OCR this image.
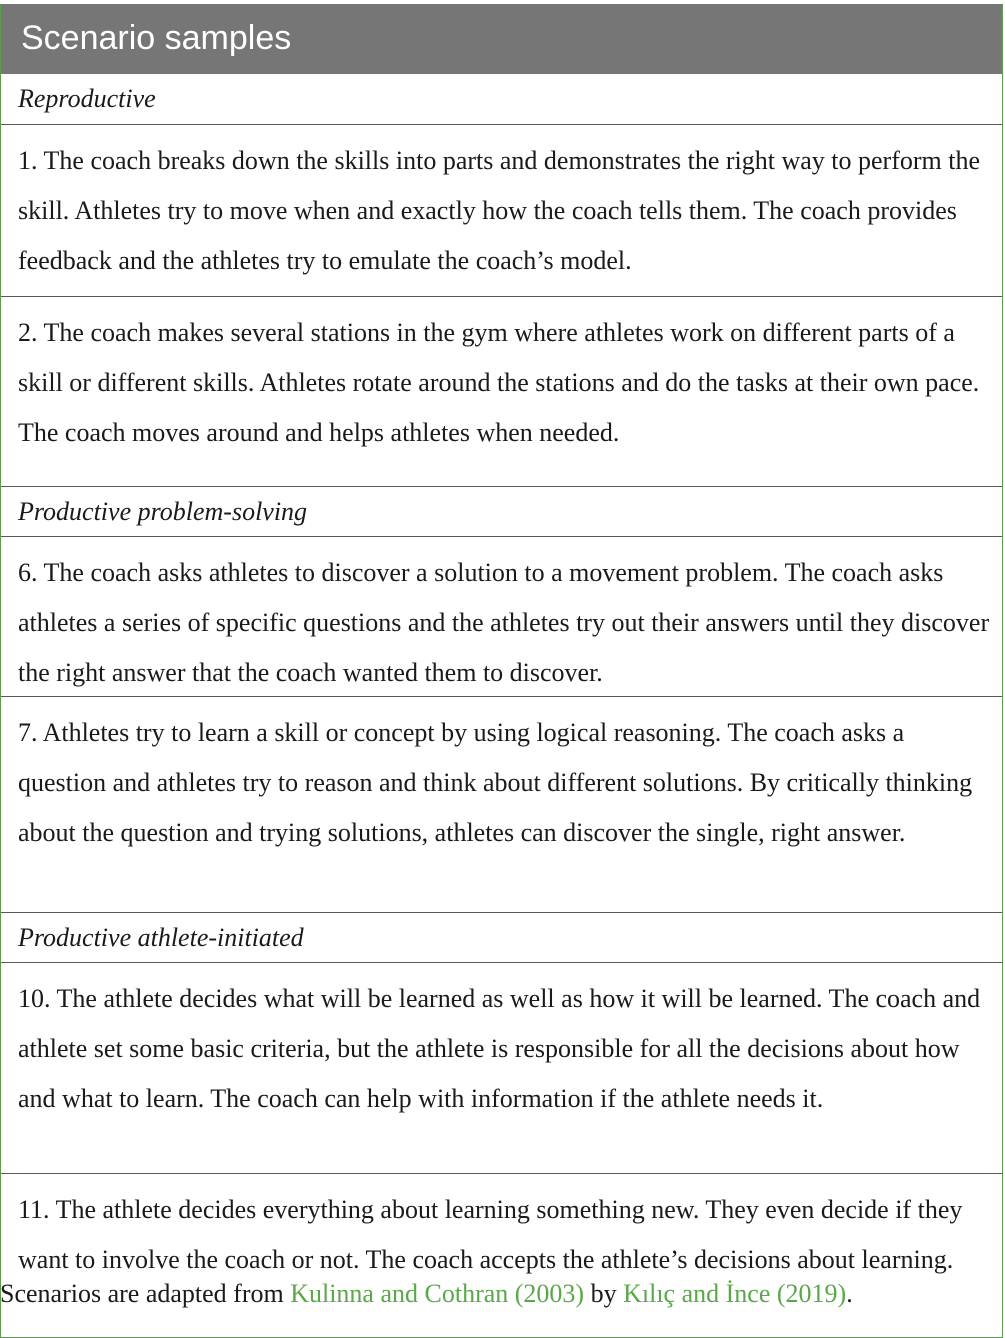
Scenario samples
Reproductive
1. The coach breaks down the skills into parts and demonstrates the right way to perform the skill. Athletes try to move when and exactly how the coach tells them. The coach provides feedback and the athletes try to emulate the coach’s model.
2. The coach makes several stations in the gym where athletes work on different parts of a skill or different skills. Athletes rotate around the stations and do the tasks at their own pace. The coach moves around and helps athletes when needed.
Productive problem-solving
6. The coach asks athletes to discover a solution to a movement problem. The coach asks athletes a series of specific questions and the athletes try out their answers until they discover the right answer that the coach wanted them to discover.
7. Athletes try to learn a skill or concept by using logical reasoning. The coach asks a question and athletes try to reason and think about different solutions. By critically thinking about the question and trying solutions, athletes can discover the single, right answer.
Productive athlete-initiated
10. The athlete decides what will be learned as well as how it will be learned. The coach and athlete set some basic criteria, but the athlete is responsible for all the decisions about how and what to learn. The coach can help with information if the athlete needs it.
11. The athlete decides everything about learning something new. They even decide if they want to involve the coach or not. The coach accepts the athlete’s decisions about learning.
Scenarios are adapted from Kulinna and Cothran (2003) by Kılıç and İnce (2019).
